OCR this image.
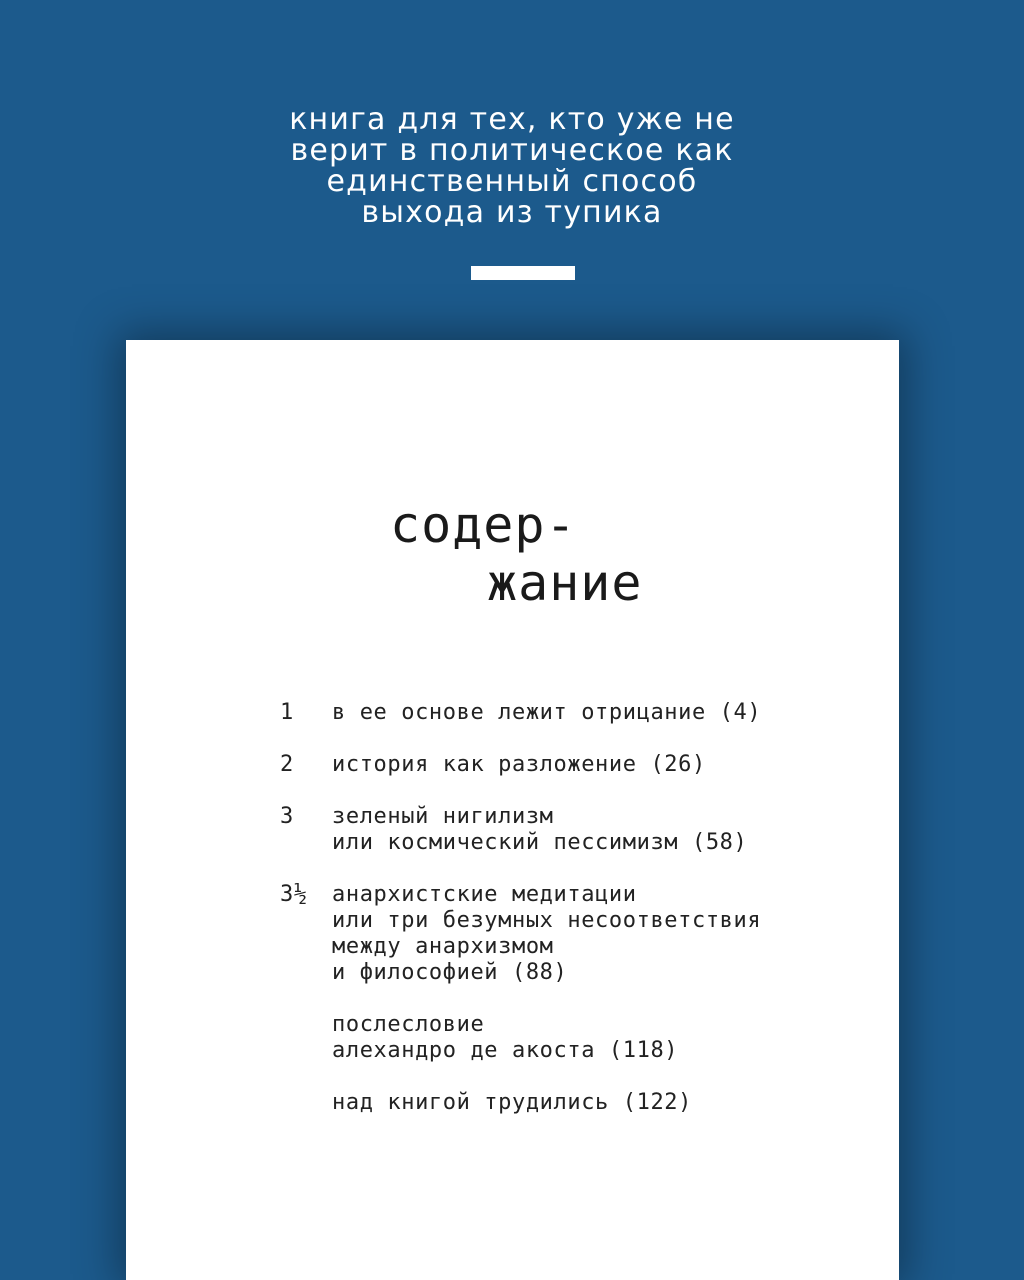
книга для тех, кто уже не
верит в политическое как
единственный способ
выхода из тупика
содер-
жание
1	в ее основе лежит отрицание (4)
2	история как разложение (26)
3	зеленый нигилизм
или космический пессимизм (58)
3½	анархистские медитации
или три безумных несоответствия
между анархизмом
и философией (88)
послесловие
алехандро де акоста (118)
над книгой трудились (122)
